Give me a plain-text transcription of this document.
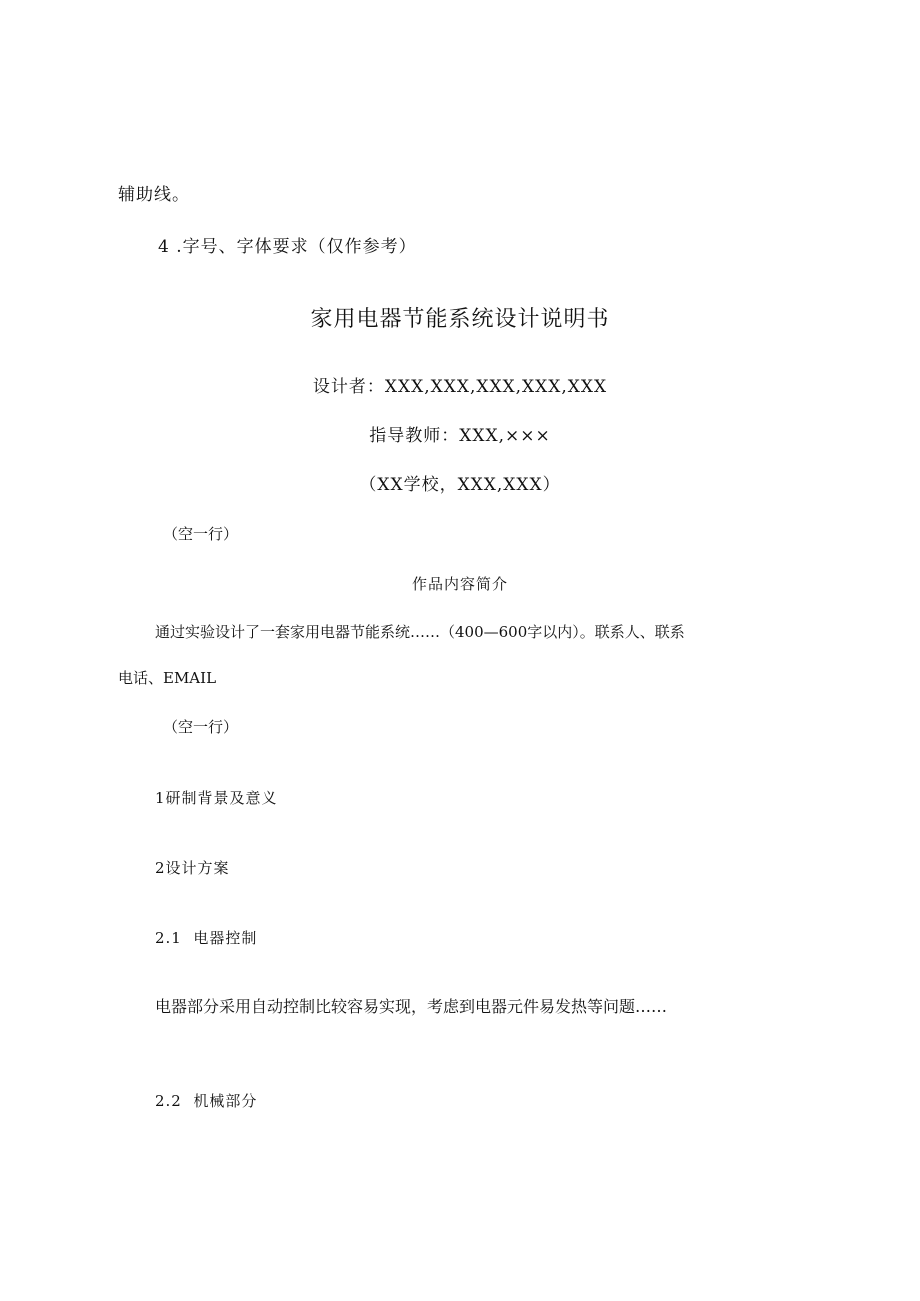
辅助线。
4 .字号、字体要求（仅作参考）
家用电器节能系统设计说明书
设计者：XXX,XXX,XXX,XXX,XXX
指导教师：XXX,×××
（XX学校，XXX,XXX）
（空一行）
作品内容简介
通过实验设计了一套家用电器节能系统……（400—600字以内）。联系人、联系
电话、EMAIL
（空一行）
1研制背景及意义
2设计方案
2.1  电器控制
电器部分采用自动控制比较容易实现，考虑到电器元件易发热等问题……
2.2  机械部分
